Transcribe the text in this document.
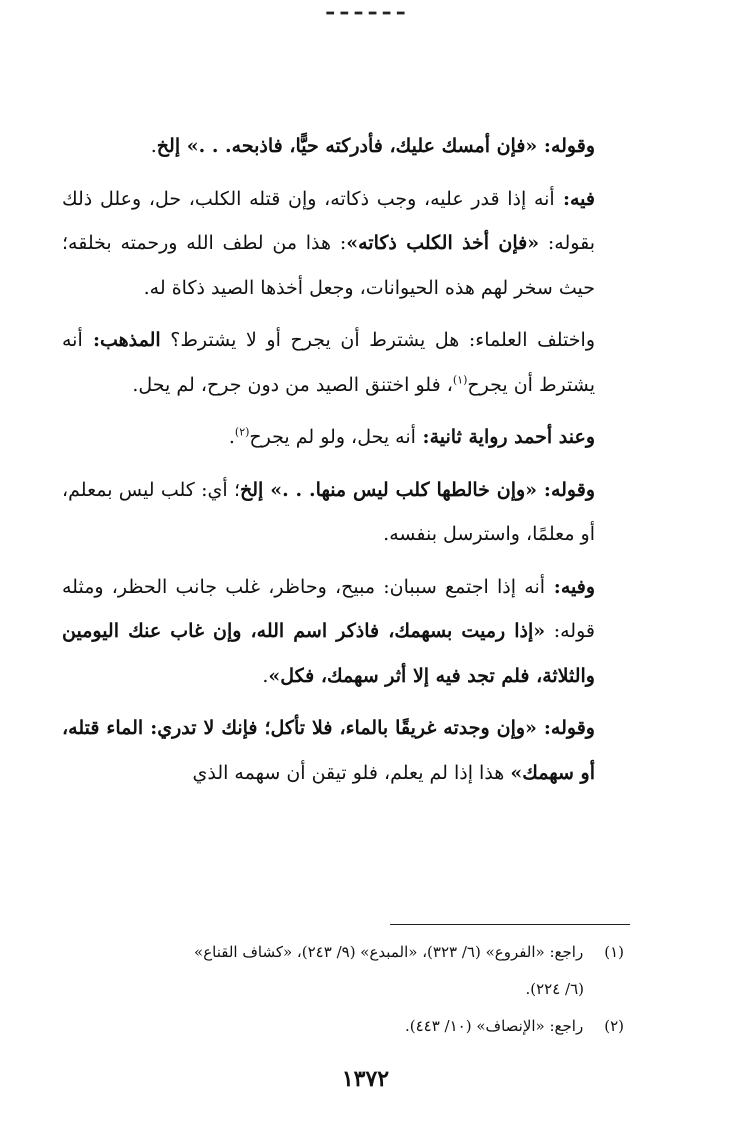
ـ ـ ـ ـ ـ ـ

وقوله: «فإن أمسك عليك، فأدركته حيًّا، فاذبحه. . .» إلخ.

فيه: أنه إذا قدر عليه، وجب ذكاته، وإن قتله الكلب، حل، وعلل ذلك بقوله: «فإن أخذ الكلب ذكاته»: هذا من لطف الله ورحمته بخلقه؛ حيث سخر لهم هذه الحيوانات، وجعل أخذها الصيد ذكاة له.

واختلف العلماء: هل يشترط أن يجرح أو لا يشترط؟ المذهب: أنه يشترط أن يجرح$^{(١)}$، فلو اختنق الصيد من دون جرح، لم يحل.

وعند أحمد رواية ثانية: أنه يحل، ولو لم يجرح$^{(٢)}$.

وقوله: «وإن خالطها كلب ليس منها. . .» إلخ؛ أي: كلب ليس بمعلم، أو معلمًا، واسترسل بنفسه.

وفيه: أنه إذا اجتمع سببان: مبيح، وحاظر، غلب جانب الحظر، ومثله قوله: «إذا رميت بسهمك، فاذكر اسم الله، وإن غاب عنك اليومين والثلاثة، فلم تجد فيه إلا أثر سهمك، فكل».

وقوله: «وإن وجدته غريقًا بالماء، فلا تأكل؛ فإنك لا تدري: الماء قتله، أو سهمك» هذا إذا لم يعلم، فلو تيقن أن سهمه الذي

(١) راجع: «الفروع» (٦/ ٣٢٣)، «المبدع» (٩/ ٢٤٣)، «كشاف القناع»

(٦/ ٢٢٤).

(٢) راجع: «الإنصاف» (١٠/ ٤٤٣).

١٣٧٢
